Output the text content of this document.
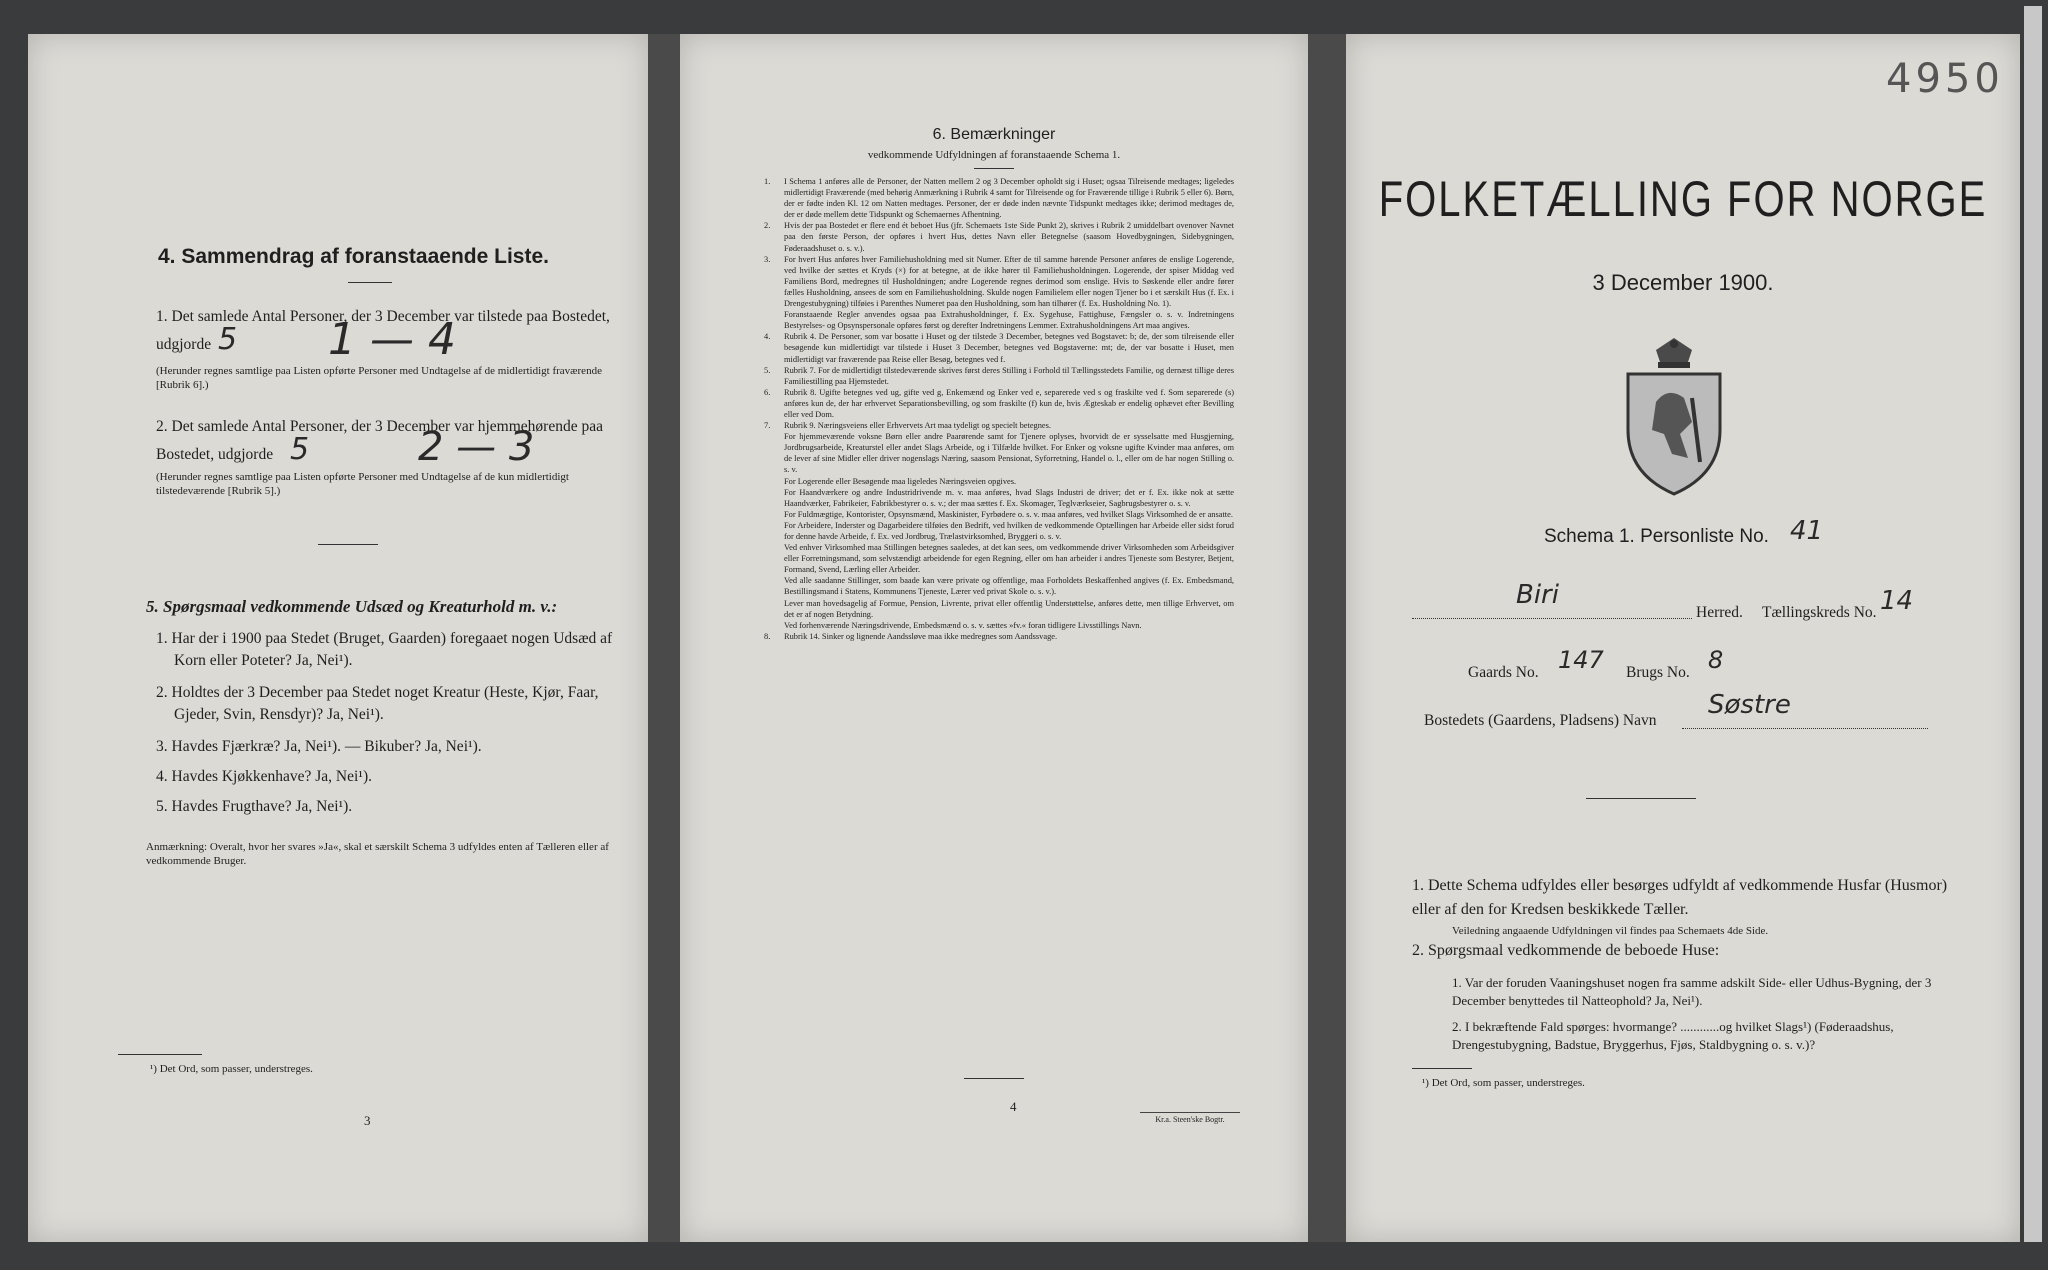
4. Sammendrag af foranstaaende Liste.
1. Det samlede Antal Personer, der 3 December var tilstede paa Bostedet,
udgjorde 5 1 — 4
(Herunder regnes samtlige paa Listen opførte Personer med Undtagelse af de midlertidigt fraværende [Rubrik 6].)
2. Det samlede Antal Personer, der 3 December var hjemmehørende paa
Bostedet, udgjorde 5	2 — 3
(Herunder regnes samtlige paa Listen opførte Personer med Undtagelse af de kun midlertidigt tilstedeværende [Rubrik 5].)
5. Spørgsmaal vedkommende Udsæd og Kreaturhold m. v.:
1. Har der i 1900 paa Stedet (Bruget, Gaarden) foregaaet nogen Udsæd af
Korn eller Poteter? Ja, Nei¹).
2. Holdtes der 3 December paa Stedet noget Kreatur (Heste, Kjør, Faar,
Gjeder, Svin, Rensdyr)? Ja, Nei¹).
3. Havdes Fjærkræ? Ja, Nei¹). — Bikuber? Ja, Nei¹).
4. Havdes Kjøkkenhave? Ja, Nei¹).
5. Havdes Frugthave? Ja, Nei¹).
Anmærkning: Overalt, hvor her svares »Ja«, skal et særskilt Schema 3 udfyldes enten af Tælleren eller af vedkommende Bruger.
¹) Det Ord, som passer, understreges.
3
6. Bemærkninger
vedkommende Udfyldningen af foranstaaende Schema 1.
1.	I Schema 1 anføres alle de Personer, der Natten mellem 2 og 3 December opholdt sig i Huset; ogsaa Tilreisende medtages; ligeledes midlertidigt Fraværende (med behørig Anmærkning i Rubrik 4 samt for Tilreisende og for Fraværende tillige i Rubrik 5 eller 6). Børn, der er fødte inden Kl. 12 om Natten medtages. Personer, der er døde inden nævnte Tidspunkt medtages ikke; derimod medtages de, der er døde mellem dette Tidspunkt og Schemaernes Afhentning.
2.	Hvis der paa Bostedet er flere end ét beboet Hus (jfr. Schemaets 1ste Side Punkt 2), skrives i Rubrik 2 umiddelbart ovenover Navnet paa den første Person, der opføres i hvert Hus, dettes Navn eller Betegnelse (saasom Hovedbygningen, Sidebygningen, Føderaadshuset o. s. v.).
3.	For hvert Hus anføres hver Familiehusholdning med sit Numer. Efter de til samme hørende Personer anføres de enslige Logerende, ved hvilke der sættes et Kryds (×) for at betegne, at de ikke hører til Familiehusholdningen. Logerende, der spiser Middag ved Familiens Bord, medregnes til Husholdningen; andre Logerende regnes derimod som enslige. Hvis to Søskende eller andre fører fælles Husholdning, ansees de som en Familiehusholdning. Skulde nogen Familielem eller nogen Tjener bo i et særskilt Hus (f. Ex. i Drengestubygning) tilføies i Parenthes Numeret paa den Husholdning, som han tilhører (f. Ex. Husholdning No. 1).
Foranstaaende Regler anvendes ogsaa paa Extrahusholdninger, f. Ex. Sygehuse, Fattighuse, Fængsler o. s. v. Indretningens Bestyrelses- og Opsynspersonale opføres først og derefter Indretningens Lemmer. Extrahusholdningens Art maa angives.
4.	Rubrik 4. De Personer, som var bosatte i Huset og der tilstede 3 December, betegnes ved Bogstavet: b; de, der som tilreisende eller besøgende kun midlertidigt var tilstede i Huset 3 December, betegnes ved Bogstaverne: mt; de, der var bosatte i Huset, men midlertidigt var fraværende paa Reise eller Besøg, betegnes ved f.
5.	Rubrik 7. For de midlertidigt tilstedeværende skrives først deres Stilling i Forhold til Tællingsstedets Familie, og dernæst tillige deres Familiestilling paa Hjemstedet.
6.	Rubrik 8. Ugifte betegnes ved ug, gifte ved g, Enkemænd og Enker ved e, separerede ved s og fraskilte ved f. Som separerede (s) anføres kun de, der har erhvervet Separationsbevilling, og som fraskilte (f) kun de, hvis Ægteskab er endelig ophævet efter Bevilling eller ved Dom.
7.	Rubrik 9. Næringsveiens eller Erhvervets Art maa tydeligt og specielt betegnes.
For hjemmeværende voksne Børn eller andre Paarørende samt for Tjenere oplyses, hvorvidt de er sysselsatte med Husgjerning, Jordbrugsarbeide, Kreaturstel eller andet Slags Arbeide, og i Tilfælde hvilket. For Enker og voksne ugifte Kvinder maa anføres, om de lever af sine Midler eller driver nogenslags Næring, saasom Pensionat, Syforretning, Handel o. l., eller om de har nogen Stilling o. s. v.
For Logerende eller Besøgende maa ligeledes Næringsveien opgives.
For Haandværkere og andre Industridrivende m. v. maa anføres, hvad Slags Industri de driver; det er f. Ex. ikke nok at sætte Haandværker, Fabrikeier, Fabrikbestyrer o. s. v.; der maa sættes f. Ex. Skomager, Teglværkseier, Sagbrugsbestyrer o. s. v.
For Fuldmægtige, Kontorister, Opsynsmænd, Maskinister, Fyrbødere o. s. v. maa anføres, ved hvilket Slags Virksomhed de er ansatte.
For Arbeidere, Inderster og Dagarbeidere tilføies den Bedrift, ved hvilken de vedkommende Optællingen har Arbeide eller sidst forud for denne havde Arbeide, f. Ex. ved Jordbrug, Trælastvirksomhed, Bryggeri o. s. v.
Ved enhver Virksomhed maa Stillingen betegnes saaledes, at det kan sees, om vedkommende driver Virksomheden som Arbeidsgiver eller Forretningsmand, som selvstændigt arbeidende for egen Regning, eller om han arbeider i andres Tjeneste som Bestyrer, Betjent, Formand, Svend, Lærling eller Arbeider.
Ved alle saadanne Stillinger, som baade kan være private og offentlige, maa Forholdets Beskaffenhed angives (f. Ex. Embedsmand, Bestillingsmand i Statens, Kommunens Tjeneste, Lærer ved privat Skole o. s. v.).
Lever man hovedsagelig af Formue, Pension, Livrente, privat eller offentlig Understøttelse, anføres dette, men tillige Erhvervet, om det er af nogen Betydning.
Ved forhenværende Næringsdrivende, Embedsmænd o. s. v. sættes »fv.« foran tidligere Livsstillings Navn.
8.	Rubrik 14. Sinker og lignende Aandssløve maa ikke medregnes som Aandssvage.
4
Kr.a. Steen'ske Bogtr.
4950
FOLKETÆLLING FOR NORGE
3 December 1900.
Schema 1. Personliste No. 41
Biri
Herred. Tællingskreds No. 14
Gaards No. 147 Brugs No. 8
Bostedets (Gaardens, Pladsens) Navn
Søstre
1. Dette Schema udfyldes eller besørges udfyldt af vedkommende Husfar (Husmor) eller af den for Kredsen beskikkede Tæller.
Veiledning angaaende Udfyldningen vil findes paa Schemaets 4de Side.
2. Spørgsmaal vedkommende de beboede Huse:
1. Var der foruden Vaaningshuset nogen fra samme adskilt Side- eller Udhus-Bygning, der 3 December benyttedes til Natteophold? Ja, Nei¹).
2. I bekræftende Fald spørges: hvormange? ............og hvilket Slags¹) (Føderaadshus, Drengestubygning, Badstue, Bryggerhus, Fjøs, Staldbygning o. s. v.)?
¹) Det Ord, som passer, understreges.
